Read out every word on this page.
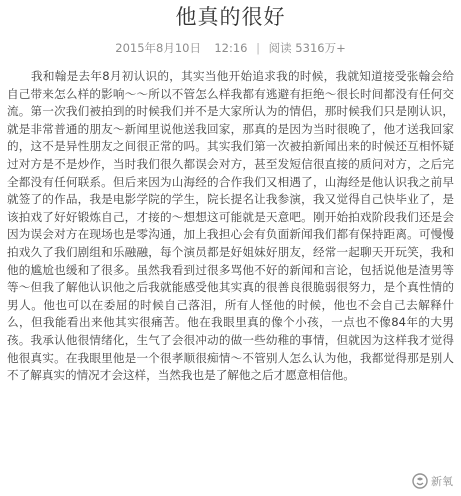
他真的很好
2015年8月10日 12:16 | 阅读 5316万+

我和翰是去年8月初认识的，其实当他开始追求我的时候，我就知道接受张翰会给自己带来怎么样的影响～～所以不管怎么样我都有逃避有拒绝～很长时间都没有任何交流。第一次我们被拍到的时候我们并不是大家所认为的情侣，那时候我们只是刚认识，就是非常普通的朋友～新闻里说他送我回家，那真的是因为当时很晚了，他才送我回家的，这不是异性朋友之间很正常的吗。其实我们第一次被拍新闻出来的时候还互相怀疑过对方是不是炒作，当时我们很久都误会对方，甚至发短信很直接的质问对方，之后完全都没有任何联系。但后来因为山海经的合作我们又相遇了，山海经是他认识我之前早就签了的作品，我是电影学院的学生，院长提名让我参演，我又觉得自己快毕业了，是该拍戏了好好锻炼自己，才接的～想想这可能就是天意吧。刚开始拍戏阶段我们还是会因为误会对方在现场也是零沟通，加上我担心会有负面新闻我们都有保持距离。可慢慢拍戏久了我们剧组和乐融融，每个演员都是好姐妹好朋友，经常一起聊天开玩笑，我和他的尴尬也缓和了很多。虽然我看到过很多骂他不好的新闻和言论，包括说他是渣男等等～但我了解他认识他之后我就能感受他其实真的很善良很脆弱很努力，是个真性情的男人。他也可以在委屈的时候自己落泪，所有人怪他的时候，他也不会自己去解释什么，但我能看出来他其实很痛苦。他在我眼里真的像个小孩，一点也不像84年的大男孩。我承认他很情绪化，生气了会很冲动的做一些幼稚的事情，但就因为这样我才觉得他很真实。在我眼里他是一个很孝顺很痴情～不管别人怎么认为他，我都觉得那是别人不了解真实的情况才会这样，当然我也是了解他之后才愿意相信他。

新氧
